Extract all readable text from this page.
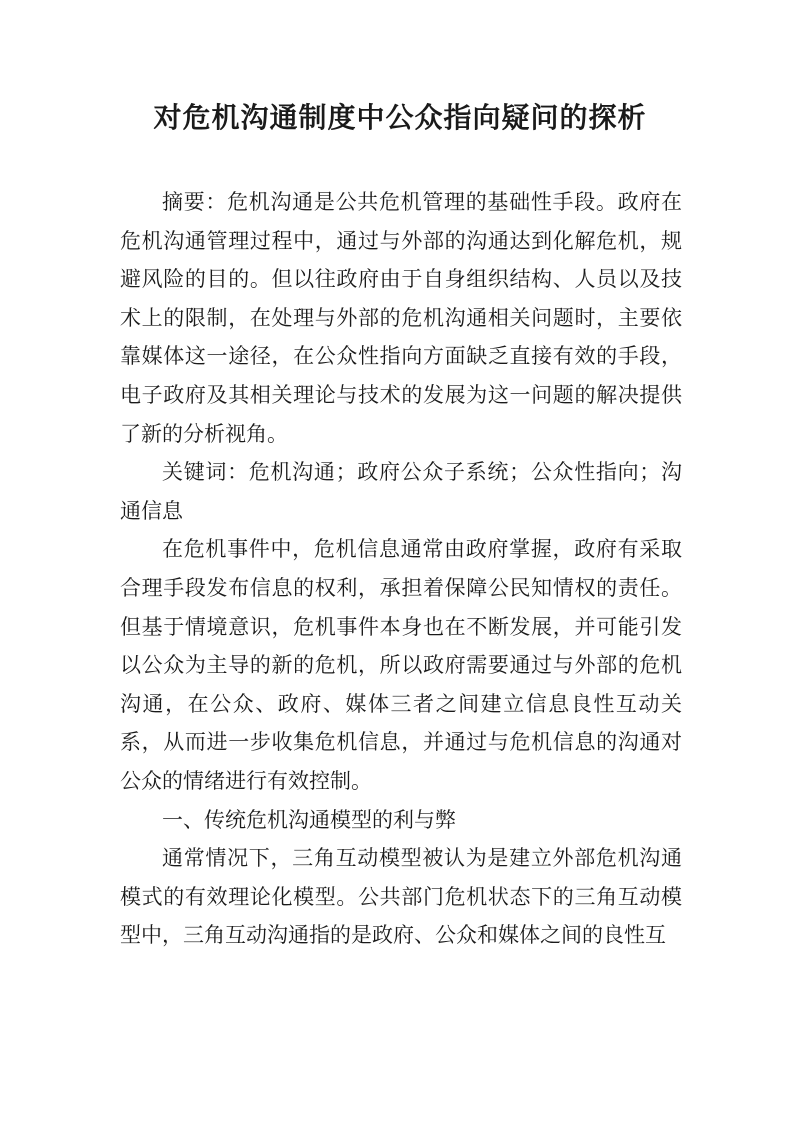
对危机沟通制度中公众指向疑问的探析

摘要：危机沟通是公共危机管理的基础性手段。政府在危机沟通管理过程中，通过与外部的沟通达到化解危机，规避风险的目的。但以往政府由于自身组织结构、人员以及技术上的限制，在处理与外部的危机沟通相关问题时，主要依靠媒体这一途径，在公众性指向方面缺乏直接有效的手段，电子政府及其相关理论与技术的发展为这一问题的解决提供了新的分析视角。

关键词：危机沟通；政府公众子系统；公众性指向；沟通信息

在危机事件中，危机信息通常由政府掌握，政府有采取合理手段发布信息的权利，承担着保障公民知情权的责任。但基于情境意识，危机事件本身也在不断发展，并可能引发以公众为主导的新的危机，所以政府需要通过与外部的危机沟通，在公众、政府、媒体三者之间建立信息良性互动关系，从而进一步收集危机信息，并通过与危机信息的沟通对公众的情绪进行有效控制。

一、传统危机沟通模型的利与弊

通常情况下，三角互动模型被认为是建立外部危机沟通模式的有效理论化模型。公共部门危机状态下的三角互动模型中，三角互动沟通指的是政府、公众和媒体之间的良性互
